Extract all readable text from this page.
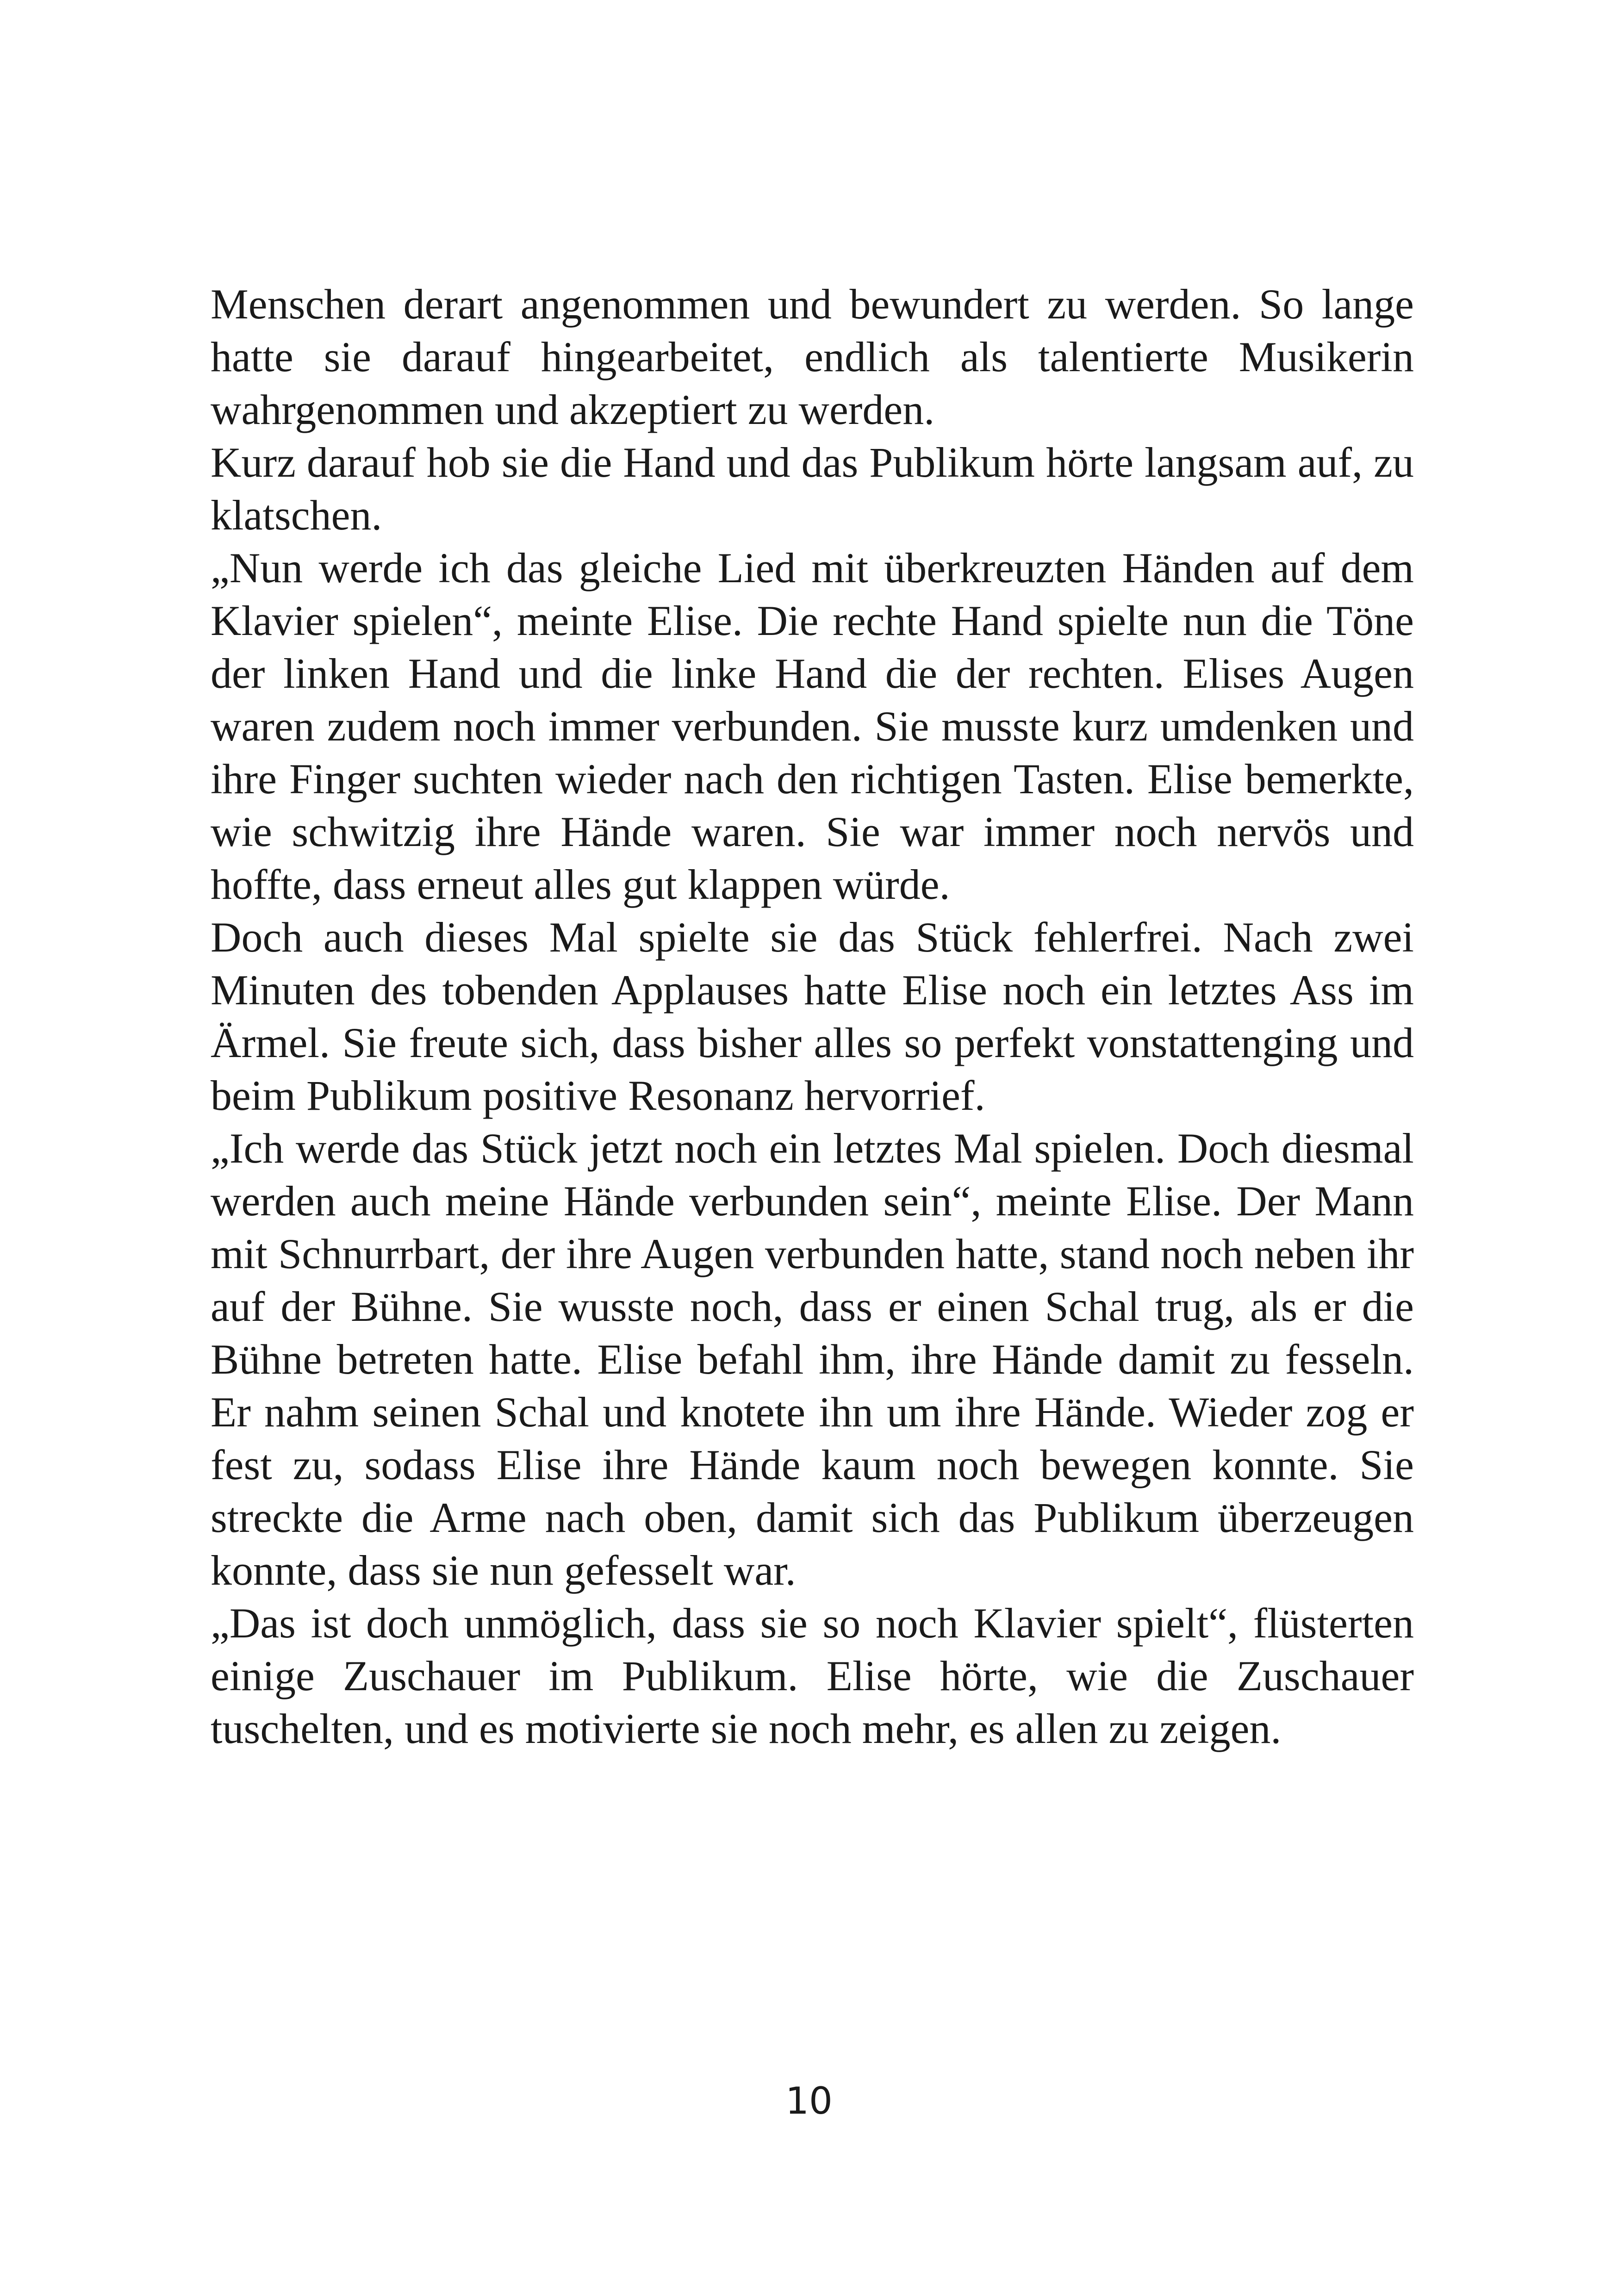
Menschen derart angenommen und bewundert zu werden. So lange hatte sie darauf hingearbeitet, endlich als talentierte Musikerin wahrgenommen und akzeptiert zu werden.

Kurz darauf hob sie die Hand und das Publikum hörte langsam auf, zu klatschen.

„Nun werde ich das gleiche Lied mit überkreuzten Händen auf dem Klavier spielen“, meinte Elise. Die rechte Hand spielte nun die Töne der linken Hand und die linke Hand die der rechten. Elises Augen waren zudem noch immer verbunden. Sie musste kurz umdenken und ihre Finger suchten wieder nach den richtigen Tasten. Elise bemerkte, wie schwitzig ihre Hände waren. Sie war immer noch nervös und hoffte, dass erneut alles gut klappen würde.

Doch auch dieses Mal spielte sie das Stück fehlerfrei. Nach zwei Minuten des tobenden Applauses hatte Elise noch ein letztes Ass im Ärmel. Sie freute sich, dass bisher alles so perfekt vonstattenging und beim Publikum positive Resonanz hervorrief.

„Ich werde das Stück jetzt noch ein letztes Mal spielen. Doch diesmal werden auch meine Hände verbunden sein“, meinte Elise. Der Mann mit Schnurrbart, der ihre Augen verbunden hatte, stand noch neben ihr auf der Bühne. Sie wusste noch, dass er einen Schal trug, als er die Bühne betreten hatte. Elise befahl ihm, ihre Hände damit zu fesseln. Er nahm seinen Schal und knotete ihn um ihre Hände. Wieder zog er fest zu, sodass Elise ihre Hände kaum noch bewegen konnte. Sie streckte die Arme nach oben, damit sich das Publikum überzeugen konnte, dass sie nun gefesselt war.

„Das ist doch unmöglich, dass sie so noch Klavier spielt“, flüsterten einige Zuschauer im Publikum. Elise hörte, wie die Zuschauer tuschelten, und es motivierte sie noch mehr, es allen zu zeigen.

10
